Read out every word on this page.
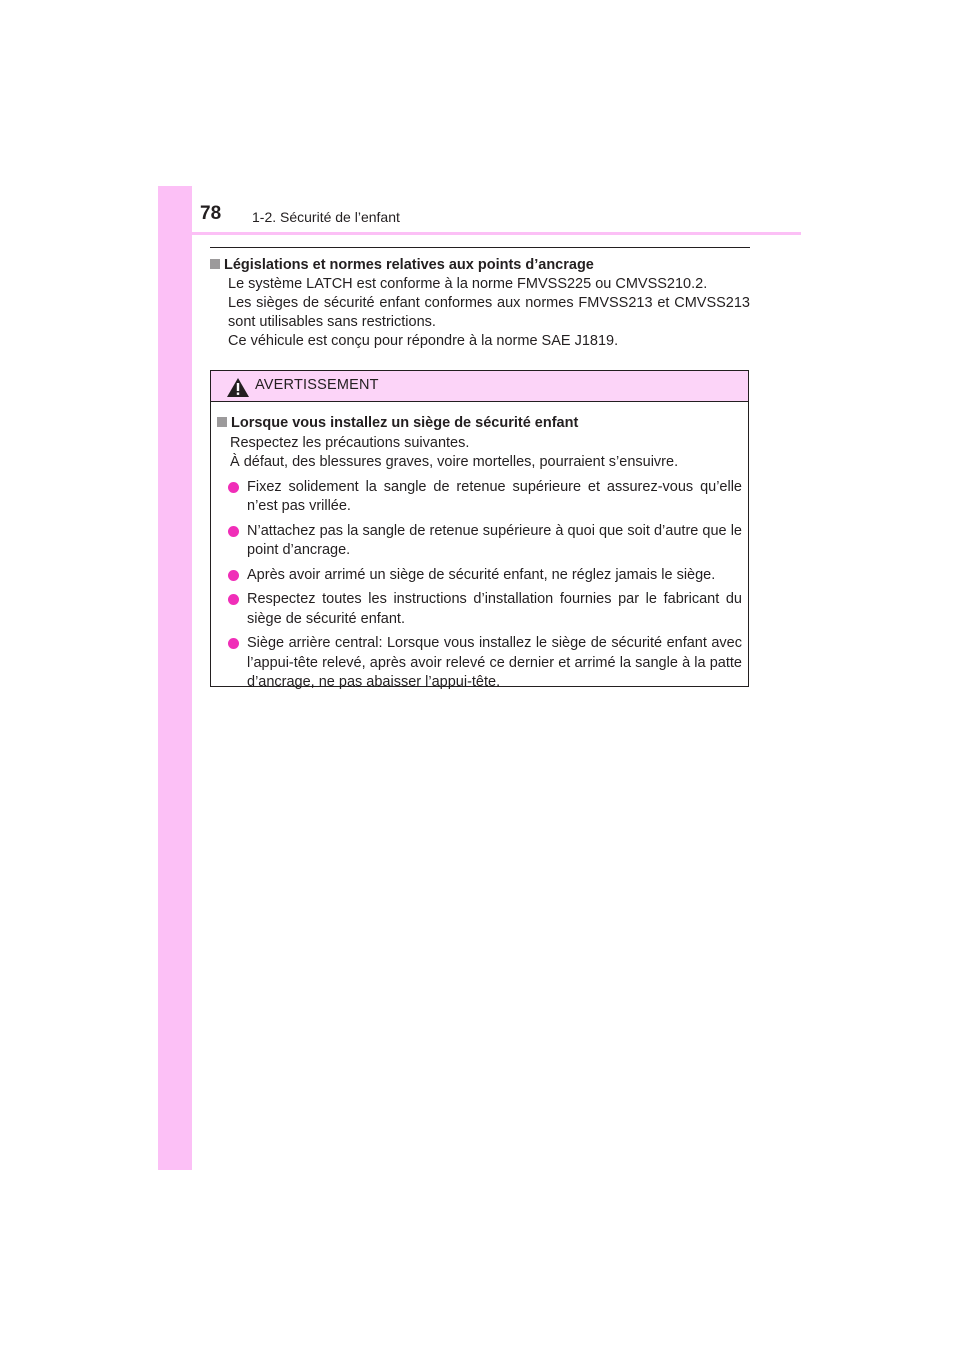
78 1-2. Sécurité de l’enfant
Législations et normes relatives aux points d’ancrage
Le système LATCH est conforme à la norme FMVSS225 ou CMVSS210.2.
Les sièges de sécurité enfant conformes aux normes FMVSS213 et CMVSS213 sont utilisables sans restrictions.
Ce véhicule est conçu pour répondre à la norme SAE J1819.
AVERTISSEMENT
Lorsque vous installez un siège de sécurité enfant
Respectez les précautions suivantes.
À défaut, des blessures graves, voire mortelles, pourraient s’ensuivre.
Fixez solidement la sangle de retenue supérieure et assurez-vous qu’elle n’est pas vrillée.
N’attachez pas la sangle de retenue supérieure à quoi que soit d’autre que le point d’ancrage.
Après avoir arrimé un siège de sécurité enfant, ne réglez jamais le siège.
Respectez toutes les instructions d’installation fournies par le fabricant du siège de sécurité enfant.
Siège arrière central: Lorsque vous installez le siège de sécurité enfant avec l’appui-tête relevé, après avoir relevé ce dernier et arrimé la sangle à la patte d’ancrage, ne pas abaisser l’appui-tête.
